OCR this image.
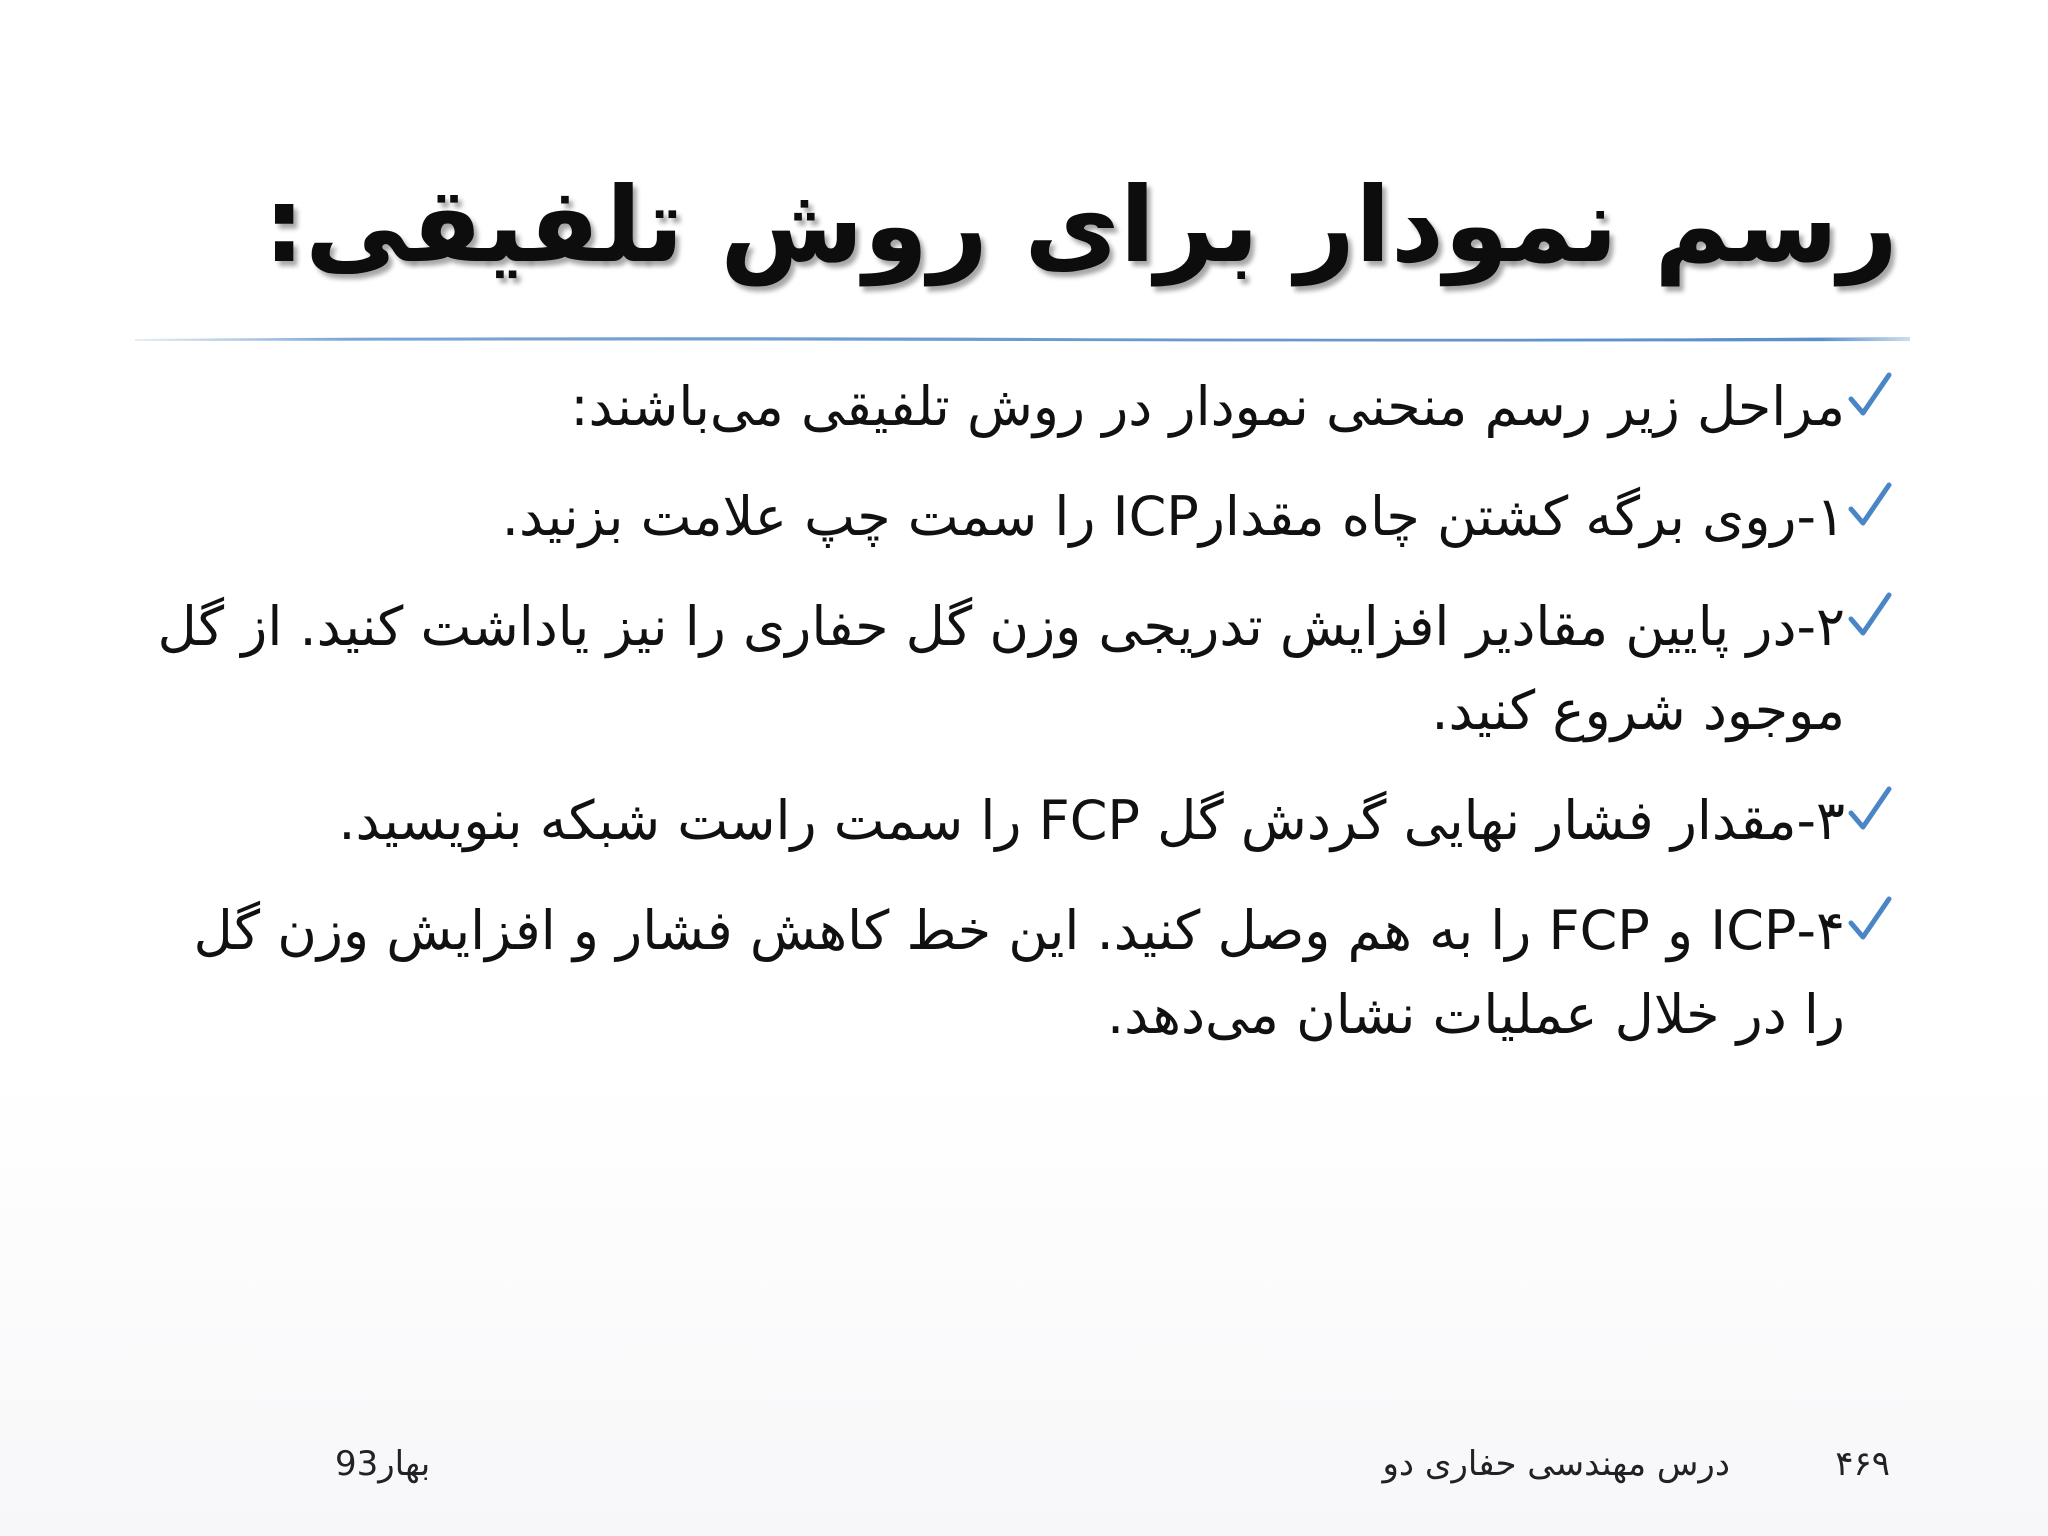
رسم نمودار برای روش تلفیقی:
مراحل زیر رسم منحنی نمودار در روش تلفیقی می‌باشند:
۱-روی برگه کشتن چاه مقدارICP را سمت چپ علامت بزنید.
۲-در پایین مقادیر افزایش تدریجی وزن گل حفاری را نیز یاداشت کنید. از گل موجود شروع کنید.
۳-مقدار فشار نهایی گردش گل FCP را سمت راست شبکه بنویسید.
۴-ICP و FCP را به هم وصل کنید. این خط کاهش فشار و افزایش وزن گل را در خلال عملیات نشان می‌دهد.
۴۶۹
درس مهندسی حفاری دو
بهار93
